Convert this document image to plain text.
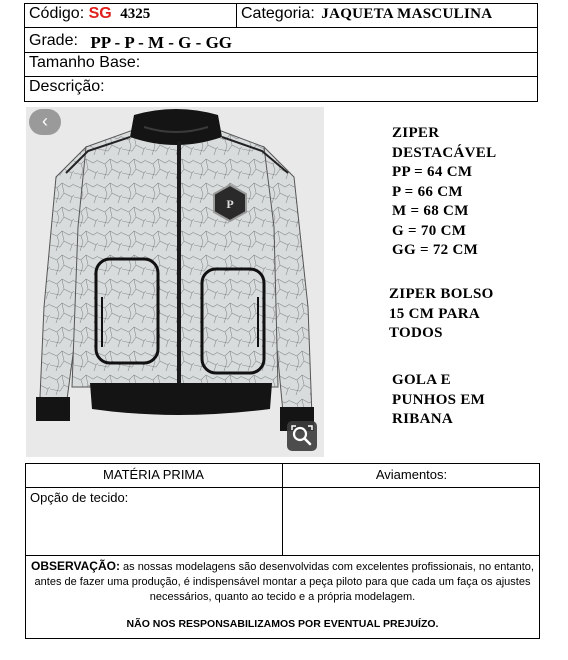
Código: SG 4325	Categoria: JAQUETA MASCULINA
Grade: PP - P - M - G - GG
Tamanho Base:
Descrição:
P
‹
ZIPER
DESTACÁVEL
PP = 64 CM
P = 66 CM
M = 68 CM
G = 70 CM
GG = 72 CM
ZIPER BOLSO
15 CM PARA
TODOS
GOLA E
PUNHOS EM
RIBANA
MATÉRIA PRIMA	Aviamentos:
Opção de tecido:
OBSERVAÇÃO: as nossas modelagens são desenvolvidas com excelentes profissionais, no entanto, antes de fazer uma produção, é indispensável montar a peça piloto para que cada um faça os ajustes necessários, quanto ao tecido e a própria modelagem.
NÃO NOS RESPONSABILIZAMOS POR EVENTUAL PREJUÍZO.
